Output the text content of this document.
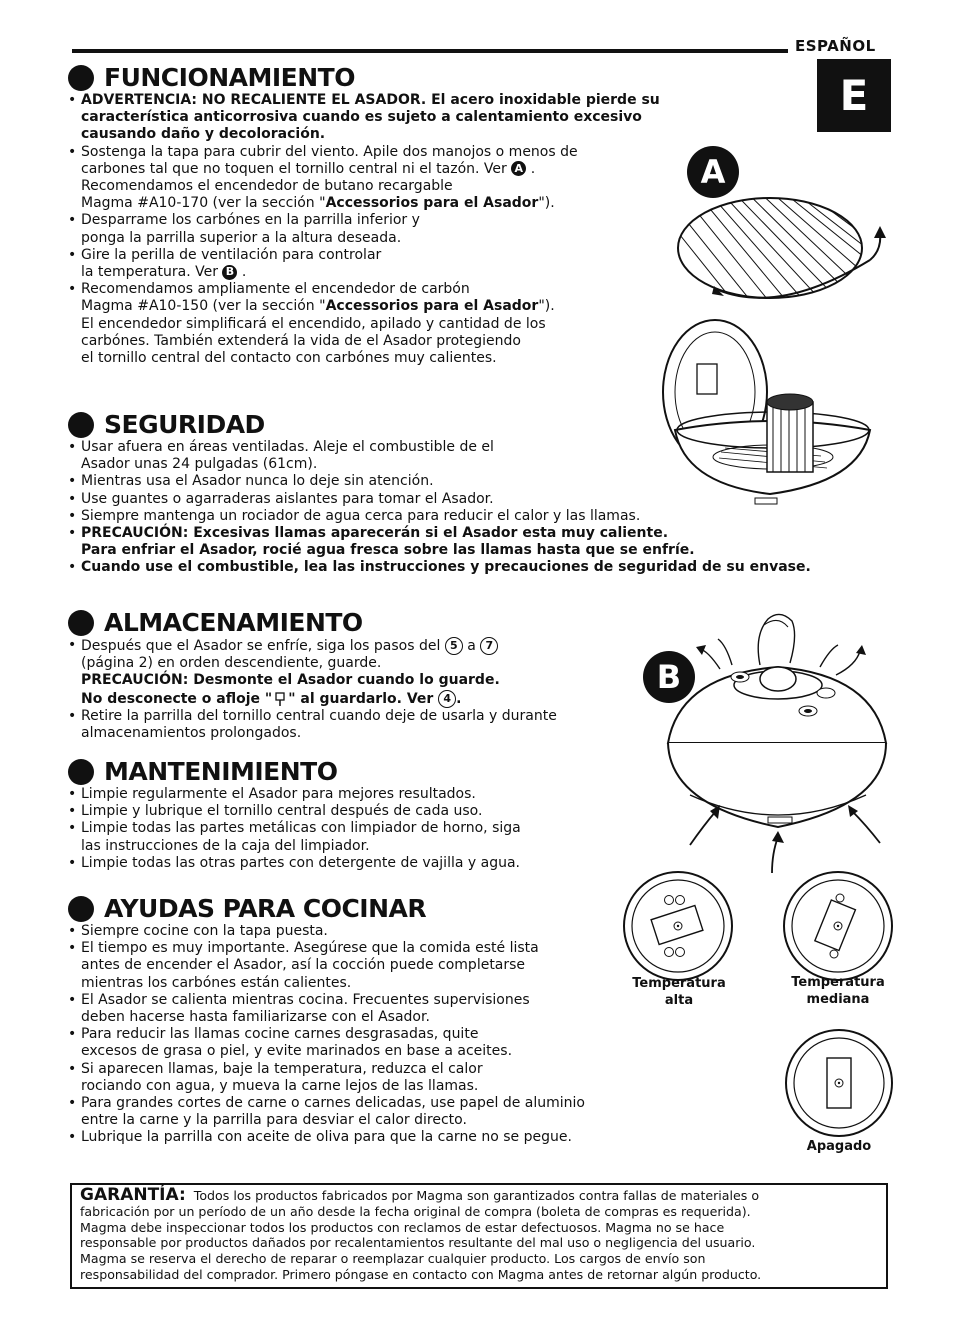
ESPAÑOL
E
FUNCIONAMIENTO
• ADVERTENCIA: NO RECALIENTE EL ASADOR. El acero inoxidable pierde su
característica anticorrosiva cuando es sujeto a calentamiento excesivo
causando daño y decoloración.
• Sostenga la tapa para cubrir del viento. Apile dos manojos o menos de
carbones tal que no toquen el tornillo central ni el tazón. Ver A .
Recomendamos el encendedor de butano recargable
Magma #A10-170 (ver la sección "Accessorios para el Asador").
• Desparrame los carbónes en la parrilla inferior y
ponga la parrilla superior a la altura deseada.
• Gire la perilla de ventilación para controlar
la temperatura. Ver B .
• Recomendamos ampliamente el encendedor de carbón
Magma #A10-150 (ver la sección "Accessorios para el Asador").
El encendedor simplificará el encendido, apilado y cantidad de los
carbónes. También extenderá la vida de el Asador protegiendo
el tornillo central del contacto con carbónes muy calientes.
SEGURIDAD
• Usar afuera en áreas ventiladas. Aleje el combustible de el
Asador unas 24 pulgadas (61cm).
• Mientras usa el Asador nunca lo deje sin atención.
• Use guantes o agarraderas aislantes para tomar el Asador.
• Siempre mantenga un rociador de agua cerca para reducir el calor y las llamas.
• PRECAUCIÓN: Excesivas llamas aparecerán si el Asador esta muy caliente.
Para enfriar el Asador, rocié agua fresca sobre las llamas hasta que se enfríe.
• Cuando use el combustible, lea las instrucciones y precauciones de seguridad de su envase.
ALMACENAMIENTO
• Después que el Asador se enfríe, siga los pasos del 5 a 7
(página 2) en orden descendiente, guarde.
PRECAUCIÓN: Desmonte el Asador cuando lo guarde.
No desconecte o afloje " " al guardarlo. Ver 4 .
• Retire la parrilla del tornillo central cuando deje de usarla y durante
almacenamientos prolongados.
MANTENIMIENTO
• Limpie regularmente el Asador para mejores resultados.
• Limpie y lubrique el tornillo central después de cada uso.
• Limpie todas las partes metálicas con limpiador de horno, siga
las instrucciones de la caja del limpiador.
• Limpie todas las otras partes con detergente de vajilla y agua.
AYUDAS PARA COCINAR
• Siempre cocine con la tapa puesta.
• El tiempo es muy importante. Asegúrese que la comida esté lista
antes de encender el Asador, así la cocción puede completarse
mientras los carbónes están calientes.
• El Asador se calienta mientras cocina. Frecuentes supervisiones
deben hacerse hasta familiarizarse con el Asador.
• Para reducir las llamas cocine carnes desgrasadas, quite
excesos de grasa o piel, y evite marinados en base a aceites.
• Si aparecen llamas, baje la temperatura, reduzca el calor
rociando con agua, y mueva la carne lejos de las llamas.
• Para grandes cortes de carne o carnes delicadas, use papel de aluminio
entre la carne y la parrilla para desviar el calor directo.
• Lubrique la parrilla con aceite de oliva para que la carne no se pegue.
A
B
Temperatura
alta
Temperatura
mediana
Apagado
GARANTÍA: Todos los productos fabricados por Magma son garantizados contra fallas de materiales o
fabricación por un período de un año desde la fecha original de compra (boleta de compras es requerida).
Magma debe inspeccionar todos los productos con reclamos de estar defectuosos. Magma no se hace
responsable por productos dañados por recalentamientos resultante del mal uso o negligencia del usuario.
Magma se reserva el derecho de reparar o reemplazar cualquier producto. Los cargos de envío son
responsabilidad del comprador. Primero póngase en contacto con Magma antes de retornar algún producto.
